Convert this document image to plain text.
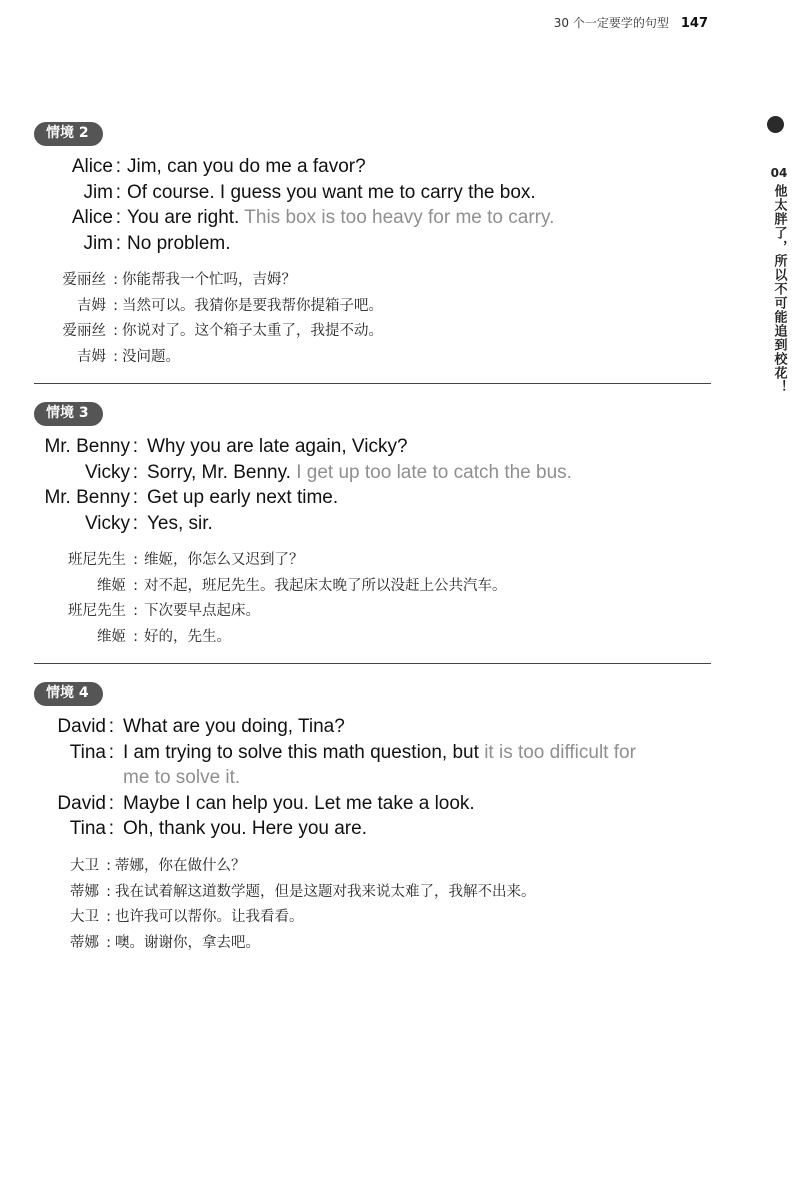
30 个一定要学的句型 147
04
他太胖了，所以不可能追到校花！
情境 2
Alice : Jim, can you do me a favor?
Jim : Of course. I guess you want me to carry the box.
Alice : You are right. This box is too heavy for me to carry.
Jim : No problem.
爱丽丝 : 你能帮我一个忙吗，吉姆？
吉姆 : 当然可以。我猜你是要我帮你提箱子吧。
爱丽丝 : 你说对了。这个箱子太重了，我提不动。
吉姆 : 没问题。
情境 3
Mr. Benny : Why you are late again, Vicky?
Vicky : Sorry, Mr. Benny. I get up too late to catch the bus.
Mr. Benny : Get up early next time.
Vicky : Yes, sir.
班尼先生 : 维姬，你怎么又迟到了？
维姬 : 对不起，班尼先生。我起床太晚了所以没赶上公共汽车。
班尼先生 : 下次要早点起床。
维姬 : 好的，先生。
情境 4
David : What are you doing, Tina?
Tina : I am trying to solve this math question, but it is too difficult for
me to solve it.
David : Maybe I can help you. Let me take a look.
Tina : Oh, thank you. Here you are.
大卫 : 蒂娜，你在做什么？
蒂娜 : 我在试着解这道数学题，但是这题对我来说太难了，我解不出来。
大卫 : 也许我可以帮你。让我看看。
蒂娜 : 噢。谢谢你，拿去吧。
